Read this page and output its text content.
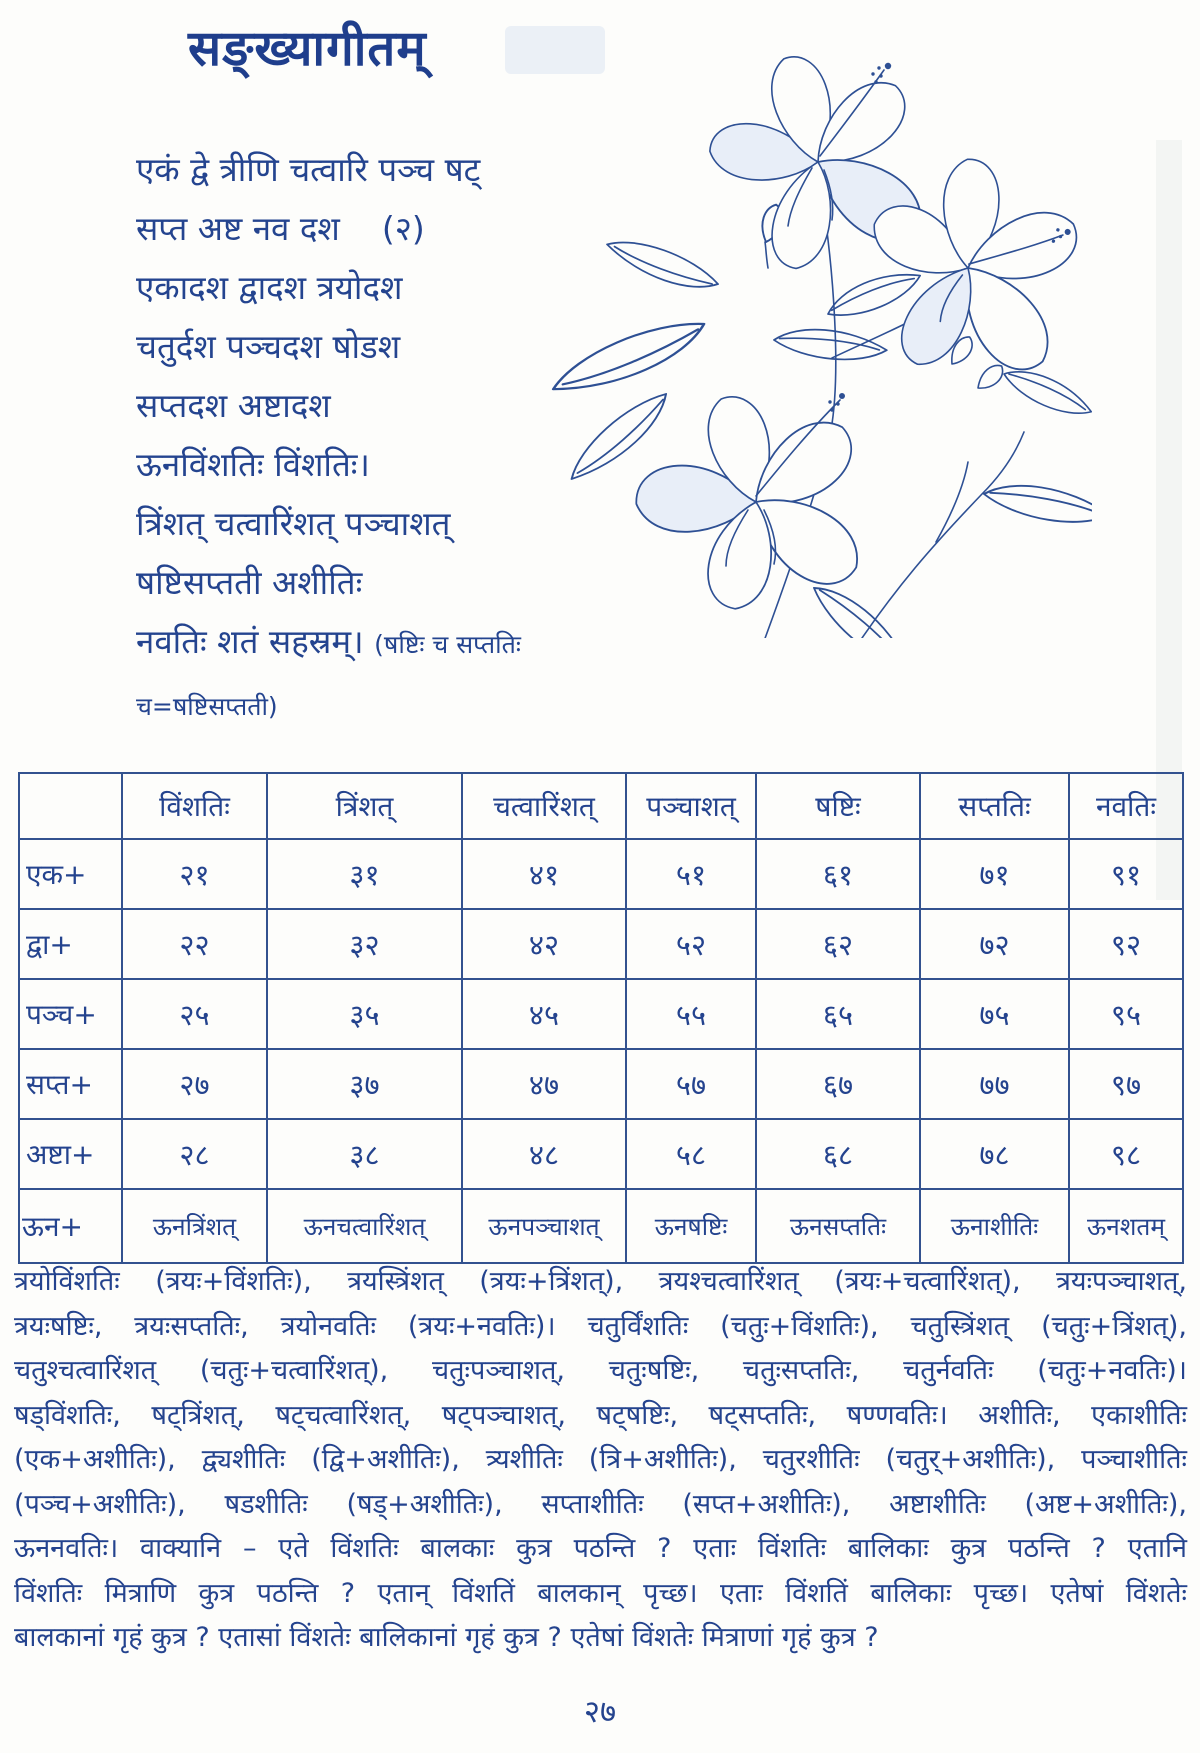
सङ्ख्यागीतम्
एकं द्वे त्रीणि चत्वारि पञ्च षट्
सप्त अष्ट नव दश    (२)
एकादश द्वादश त्रयोदश
चतुर्दश पञ्चदश षोडश
सप्तदश अष्टादश
ऊनविंशतिः विंशतिः।
त्रिंशत् चत्वारिंशत् पञ्चाशत्
षष्टिसप्तती अशीतिः
नवतिः शतं सहस्रम्। (षष्टिः च सप्ततिः च=षष्टिसप्तती)
	विंशतिः	त्रिंशत्	चत्वारिंशत्	पञ्चाशत्	षष्टिः	सप्ततिः	नवतिः
एक+	२१	३१	४१	५१	६१	७१	९१
द्वा+	२२	३२	४२	५२	६२	७२	९२
पञ्च+	२५	३५	४५	५५	६५	७५	९५
सप्त+	२७	३७	४७	५७	६७	७७	९७
अष्टा+	२८	३८	४८	५८	६८	७८	९८
ऊन+	ऊनत्रिंशत्	ऊनचत्वारिंशत्	ऊनपञ्चाशत्	ऊनषष्टिः	ऊनसप्ततिः	ऊनाशीतिः	ऊनशतम्
त्रयोविंशतिः (त्रयः+विंशतिः), त्रयस्त्रिंशत् (त्रयः+त्रिंशत्), त्रयश्चत्वारिंशत् (त्रयः+चत्वारिंशत्), त्रयःपञ्चाशत्,
त्रयःषष्टिः, त्रयःसप्ततिः, त्रयोनवतिः (त्रयः+नवतिः)। चतुर्विंशतिः (चतुः+विंशतिः), चतुस्त्रिंशत् (चतुः+त्रिंशत्),
चतुश्चत्वारिंशत् (चतुः+चत्वारिंशत्), चतुःपञ्चाशत्, चतुःषष्टिः, चतुःसप्ततिः, चतुर्नवतिः (चतुः+नवतिः)।
षड्विंशतिः, षट्त्रिंशत्, षट्चत्वारिंशत्, षट्पञ्चाशत्, षट्षष्टिः, षट्सप्ततिः, षण्णवतिः। अशीतिः, एकाशीतिः
(एक+अशीतिः), द्व्यशीतिः (द्वि+अशीतिः), त्र्यशीतिः (त्रि+अशीतिः), चतुरशीतिः (चतुर्+अशीतिः), पञ्चाशीतिः
(पञ्च+अशीतिः), षडशीतिः (षड्+अशीतिः), सप्ताशीतिः (सप्त+अशीतिः), अष्टाशीतिः (अष्ट+अशीतिः),
ऊननवतिः। वाक्यानि – एते विंशतिः बालकाः कुत्र पठन्ति ? एताः विंशतिः बालिकाः कुत्र पठन्ति ? एतानि
विंशतिः मित्राणि कुत्र पठन्ति ? एतान् विंशतिं बालकान् पृच्छ। एताः विंशतिं बालिकाः पृच्छ। एतेषां विंशतेः
बालकानां गृहं कुत्र ? एतासां विंशतेः बालिकानां गृहं कुत्र ? एतेषां विंशतेः मित्राणां गृहं कुत्र ?
२७
